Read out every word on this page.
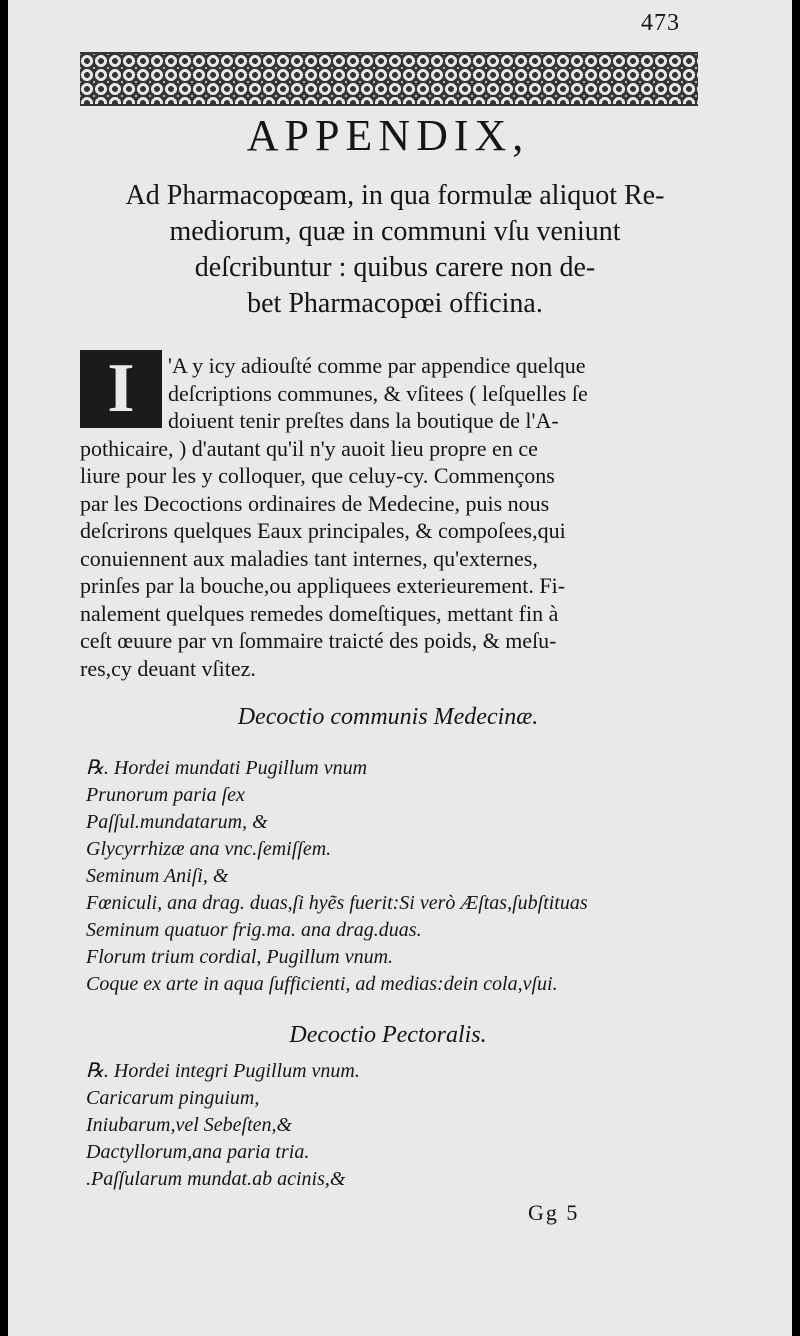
473
APPENDIX,
Ad Pharmacopœam, in qua formulæ aliquot Re-
mediorum, quæ in communi vſu veniunt
deſcribuntur : quibus carere non de-
bet Pharmacopœi officina.
I	'A y icy adiouſté comme par appendice quelque
deſcriptions communes, & vſitees ( leſquelles ſe
doiuent tenir preſtes dans la boutique de l'A-
pothicaire, ) d'autant qu'il n'y auoit lieu propre en ce
liure pour les y colloquer, que celuy-cy. Commençons
par les Decoctions ordinaires de Medecine, puis nous
deſcrirons quelques Eaux principales, & compoſees,qui
conuiennent aux maladies tant internes, qu'externes,
prinſes par la bouche,ou appliquees exterieurement. Fi-
nalement quelques remedes domeſtiques, mettant fin à
ceſt œuure par vn ſommaire traicté des poids, & meſu-
res,cy deuant vſitez.
Decoctio communis Medecinæ.
℞. Hordei mundati Pugillum vnum
Prunorum paria ſex
Paſſul.mundatarum, &
Glycyrrhizæ ana vnc.ſemiſſem.
Seminum Aniſi, &
Fœniculi, ana drag. duas,ſi hyẽs fuerit:Si verò Æſtas,ſubſtituas
Seminum quatuor frig.ma. ana drag.duas.
Florum trium cordial, Pugillum vnum.
Coque ex arte in aqua ſufficienti, ad medias:dein cola,vſui.
Decoctio Pectoralis.
℞. Hordei integri Pugillum vnum.
Caricarum pinguium,
Iniubarum,vel Sebeſten,&
Dactyllorum,ana paria tria.
.Paſſularum mundat.ab acinis,&
Gg 5
